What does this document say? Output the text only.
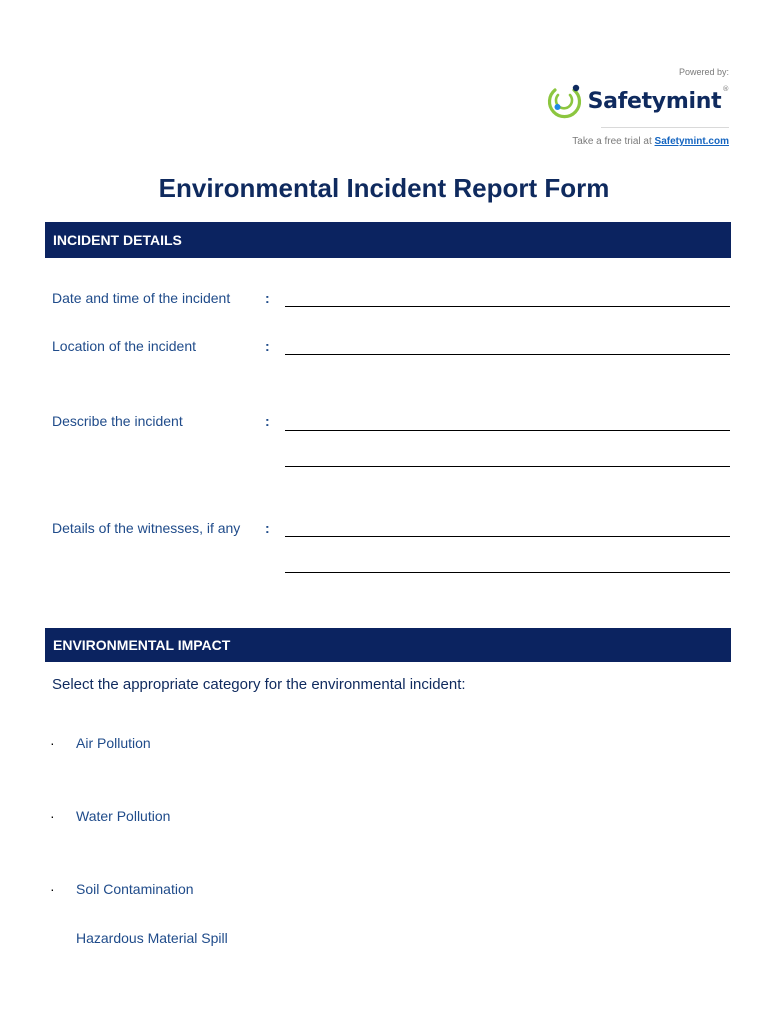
Powered by:
Safetymint®
Take a free trial at Safetymint.com
Environmental Incident Report Form
INCIDENT DETAILS
Date and time of the incident :
Location of the incident	:
Describe the incident	:
Details of the witnesses, if any :
ENVIRONMENTAL IMPACT
Select the appropriate category for the environmental incident:
·	Air Pollution
·	Water Pollution
·	Soil Contamination
Hazardous Material Spill
